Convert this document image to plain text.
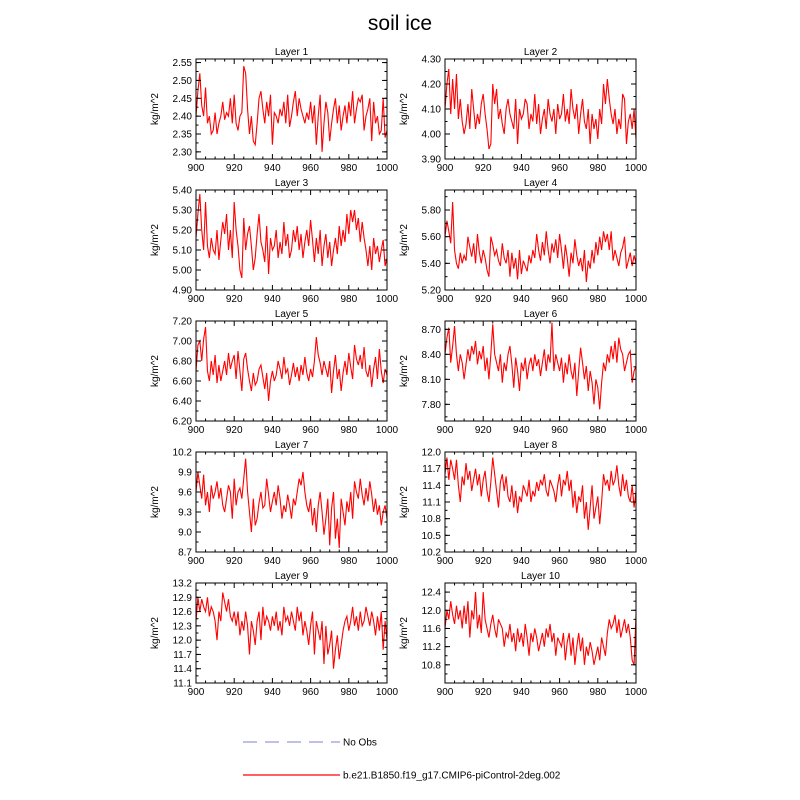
soil ice
Layer 1
900 920 940 960 980 1000
2.30
2.35
2.40
2.45
2.50
2.55
kg/m^2
Layer 2
900 920 940 960 980 1000
3.90
4.00
4.10
4.20
4.30
kg/m^2
Layer 3
900 920 940 960 980 1000
4.90
5.00
5.10
5.20
5.30
5.40
kg/m^2
Layer 4
900 920 940 960 980 1000
5.20
5.40
5.60
5.80
kg/m^2
Layer 5
900 920 940 960 980 1000
6.20
6.40
6.60
6.80
7.00
7.20
kg/m^2
Layer 6
900 920 940 960 980 1000
7.80
8.10
8.40
8.70
kg/m^2
Layer 7
900 920 940 960 980 1000
8.7
9.0
9.3
9.6
9.9
10.2
kg/m^2
Layer 8
900 920 940 960 980 1000
10.2
10.5
10.8
11.1
11.4
11.7
12.0
kg/m^2
Layer 9
900 920 940 960 980 1000
11.1
11.4
11.7
12.0
12.3
12.6
12.9
13.2
kg/m^2
Layer 10
900 920 940 960 980 1000
10.8
11.2
11.6
12.0
12.4
kg/m^2
No Obs
b.e21.B1850.f19_g17.CMIP6-piControl-2deg.002
